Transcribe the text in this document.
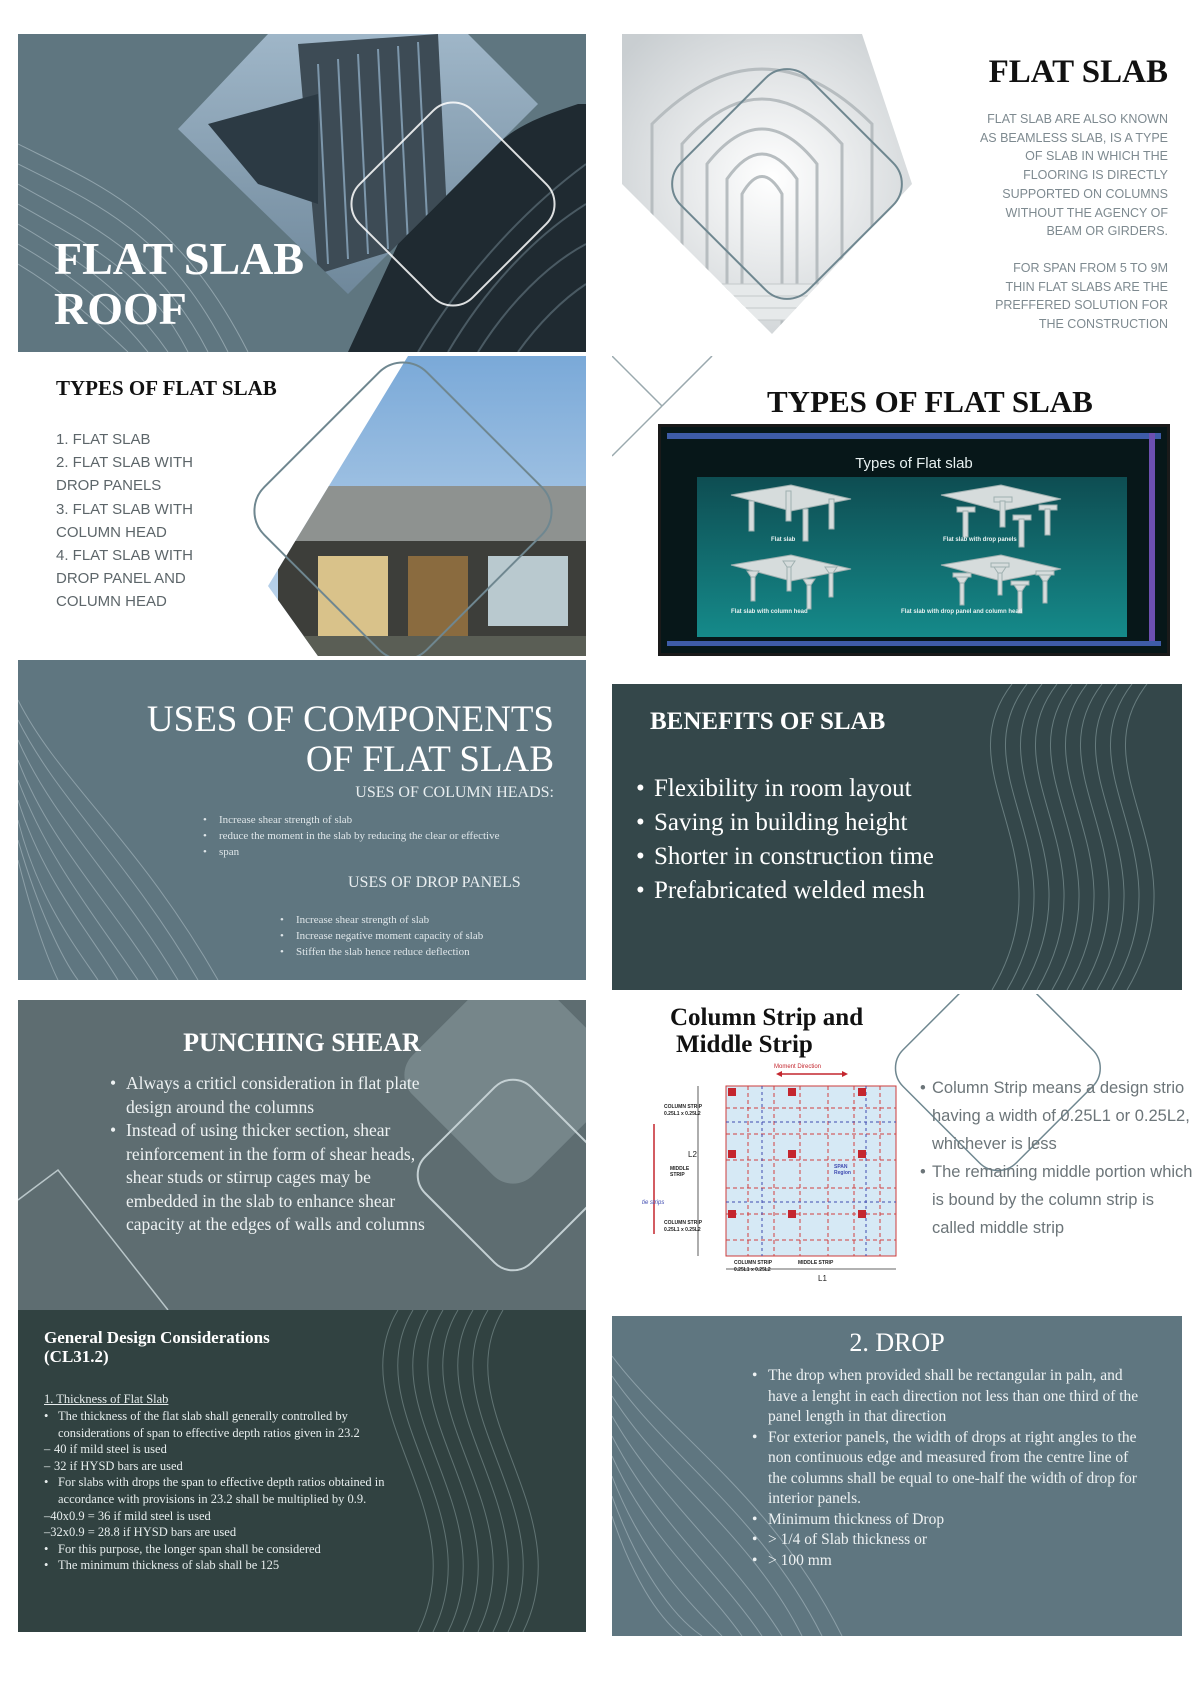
FLAT SLAB
ROOF
FLAT SLAB
FLAT SLAB ARE ALSO KNOWN
AS BEAMLESS SLAB, IS A TYPE
OF SLAB IN WHICH THE
FLOORING IS DIRECTLY
SUPPORTED ON COLUMNS
WITHOUT THE AGENCY OF
BEAM OR GIRDERS.
FOR SPAN FROM 5 TO 9M
THIN FLAT SLABS ARE THE
PREFFERED SOLUTION FOR
THE CONSTRUCTION
TYPES OF FLAT SLAB
1. FLAT SLAB
2. FLAT SLAB WITH
DROP PANELS
3. FLAT SLAB WITH
COLUMN HEAD
4. FLAT SLAB WITH
DROP PANEL AND
COLUMN HEAD
TYPES OF FLAT SLAB
Types of Flat slab
Flat slab	Flat slab with drop panels
Flat slab with column head	Flat slab with drop panel and column head
USES OF COMPONENTS
OF FLAT SLAB
USES OF COLUMN HEADS:
• Increase shear strength of slab
• reduce the moment in the slab by reducing the clear or effective
• span
USES OF DROP PANELS
• Increase shear strength of slab
• Increase negative moment capacity of slab
• Stiffen the slab hence reduce deflection
BENEFITS OF SLAB
• Flexibility in room layout
• Saving in building height
• Shorter in construction time
• Prefabricated welded mesh
PUNCHING SHEAR
• Always a criticl consideration in flat plate design around the columns
• Instead of using thicker section, shear reinforcement in the form of shear heads, shear studs or stirrup cages may be embedded in the slab to enhance shear capacity at the edges of walls and columns
Column Strip and
Middle Strip
Moment Direction
COLUMN STRIP
0.25L1 x 0.25L2
L2
MIDDLE STRIP
SPAN Region
tie strips
COLUMN STRIP
0.25L1 x 0.25L2
COLUMN STRIP
0.25L1 x 0.25L2
MIDDLE STRIP
L1
• Column Strip means a design strio having a width of 0.25L1 or 0.25L2, whichever is less
• The remaining middle portion which is bound by the column strip is called middle strip
General Design Considerations
(CL31.2)
1. Thickness of Flat Slab
• The thickness of the flat slab shall generally controlled by considerations of span to effective depth ratios given in 23.2
– 40 if mild steel is used
– 32 if HYSD bars are used
• For slabs with drops the span to effective depth ratios obtained in accordance with provisions in 23.2 shall be multiplied by 0.9.
–40x0.9 = 36 if mild steel is used
–32x0.9 = 28.8 if HYSD bars are used
• For this purpose, the longer span shall be considered
• The minimum thickness of slab shall be 125
2. DROP
• The drop when provided shall be rectangular in paln, and have a lenght in each direction not less than one third of the panel length in that direction
• For exterior panels, the width of drops at right angles to the non continuous edge and measured from the centre line of the columns shall be equal to one-half the width of drop for interior panels.
• Minimum thickness of Drop
• > 1/4 of Slab thickness or
• > 100 mm
